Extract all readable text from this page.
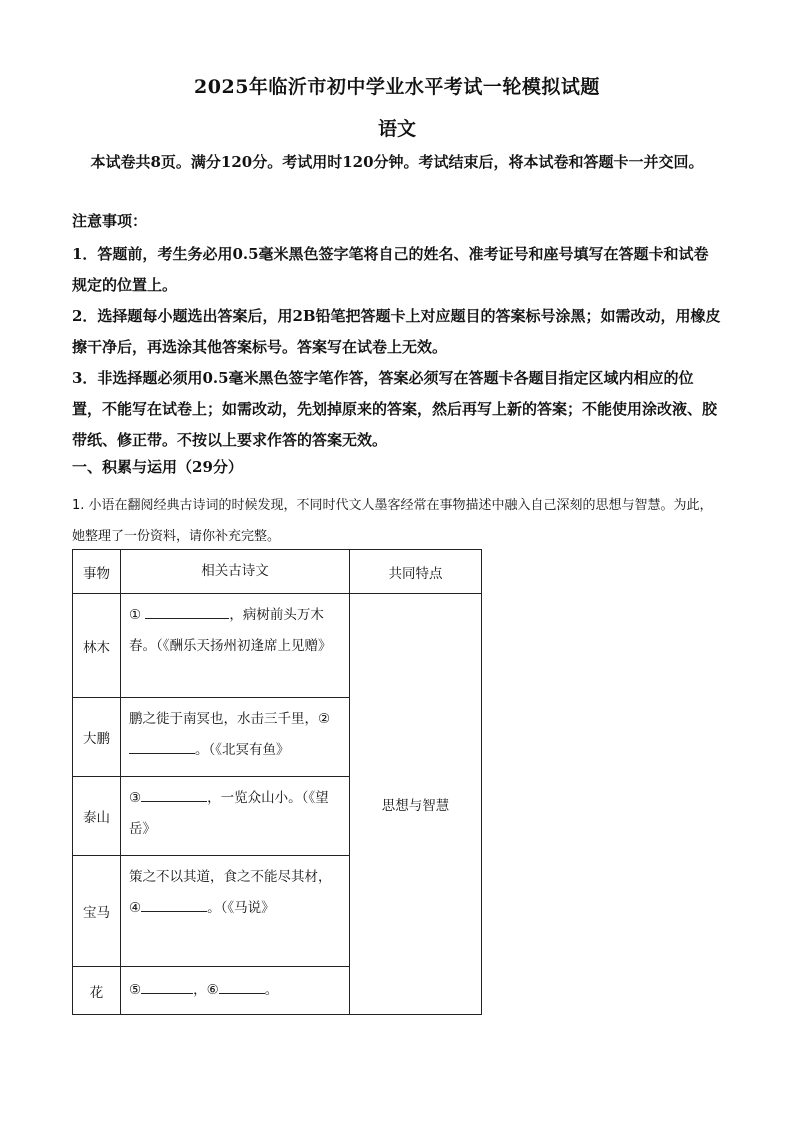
2025年临沂市初中学业水平考试一轮模拟试题
语文
本试卷共8页。满分120分。考试用时120分钟。考试结束后，将本试卷和答题卡一并交回。
注意事项：
1．答题前，考生务必用0.5毫米黑色签字笔将自己的姓名、准考证号和座号填写在答题卡和试卷规定的位置上。
2．选择题每小题选出答案后，用2B铅笔把答题卡上对应题目的答案标号涂黑；如需改动，用橡皮擦干净后，再选涂其他答案标号。答案写在试卷上无效。
3．非选择题必须用0.5毫米黑色签字笔作答，答案必须写在答题卡各题目指定区域内相应的位置，不能写在试卷上；如需改动，先划掉原来的答案，然后再写上新的答案；不能使用涂改液、胶带纸、修正带。不按以上要求作答的答案无效。
一、积累与运用（29分）
1. 小语在翻阅经典古诗词的时候发现，不同时代文人墨客经常在事物描述中融入自己深刻的思想与智慧。为此，她整理了一份资料，请你补充完整。
事物	相关古诗文	共同特点
林木	① ，病树前头万木春。（《酬乐天扬州初逢席上见赠》	思想与智慧
大鹏	鹏之徙于南冥也，水击三千里，②。（《北冥有鱼》	
泰山	③ ，一览众山小。（《望岳》	
宝马	策之不以其道，食之不能尽其材，④ 。（《马说》	
花	⑤ ，⑥ 。	
